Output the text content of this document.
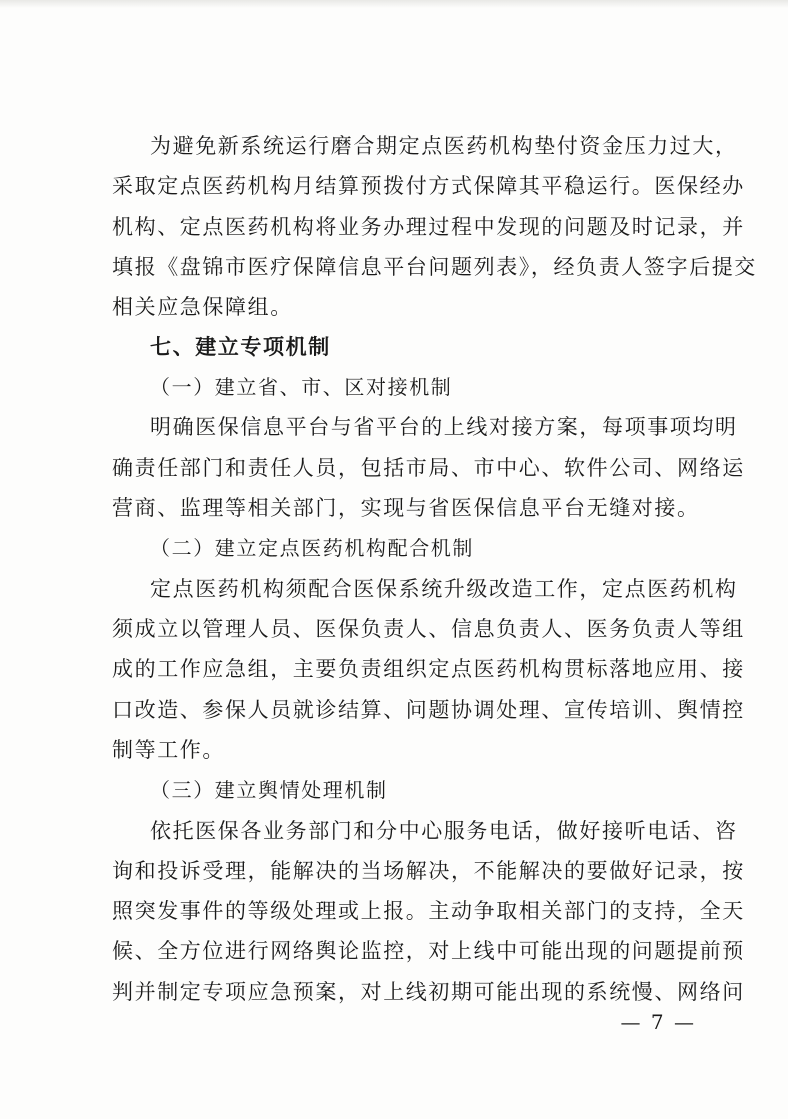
为避免新系统运行磨合期定点医药机构垫付资金压力过大，
采取定点医药机构月结算预拨付方式保障其平稳运行。医保经办
机构、定点医药机构将业务办理过程中发现的问题及时记录，并
填报《盘锦市医疗保障信息平台问题列表》，经负责人签字后提交
相关应急保障组。
七、建立专项机制
（一）建立省、市、区对接机制
明确医保信息平台与省平台的上线对接方案，每项事项均明
确责任部门和责任人员，包括市局、市中心、软件公司、网络运
营商、监理等相关部门，实现与省医保信息平台无缝对接。
（二）建立定点医药机构配合机制
定点医药机构须配合医保系统升级改造工作，定点医药机构
须成立以管理人员、医保负责人、信息负责人、医务负责人等组
成的工作应急组，主要负责组织定点医药机构贯标落地应用、接
口改造、参保人员就诊结算、问题协调处理、宣传培训、舆情控
制等工作。
（三）建立舆情处理机制
依托医保各业务部门和分中心服务电话，做好接听电话、咨
询和投诉受理，能解决的当场解决，不能解决的要做好记录，按
照突发事件的等级处理或上报。主动争取相关部门的支持，全天
候、全方位进行网络舆论监控，对上线中可能出现的问题提前预
判并制定专项应急预案，对上线初期可能出现的系统慢、网络问
— 7 —
